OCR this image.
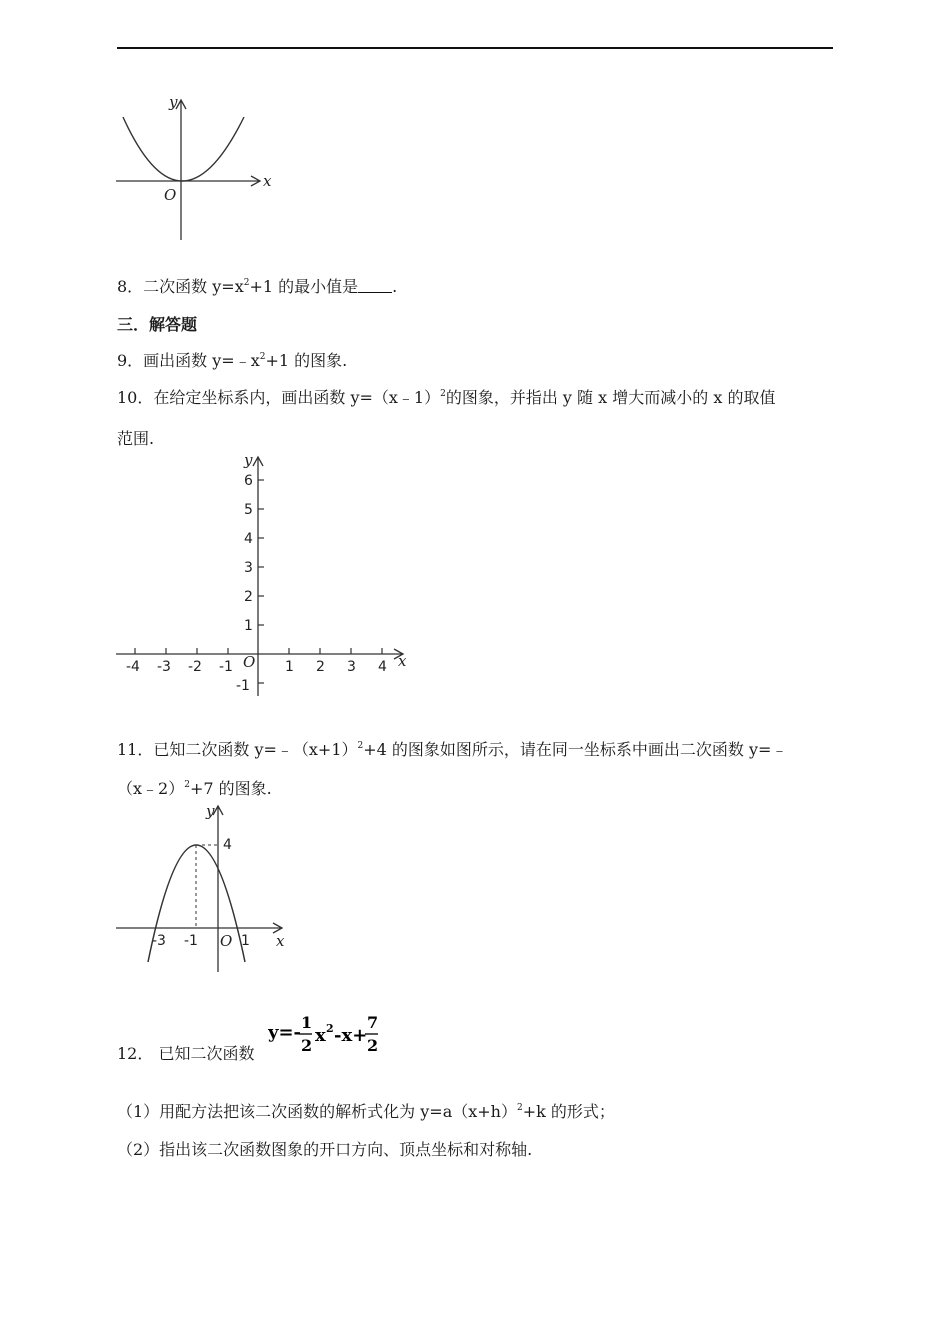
x
y
O
8．二次函数 $y=x^2+1$ 的最小值是 .
三．解答题
9．画出函数 $y=﹣x^2+1$ 的图象.
10．在给定坐标系内，画出函数 y=（x﹣1）$^2$的图象，并指出 y 随 x 增大而减小的 x 的取值
范围.
-4 -3 -2 -1	1 2 3 4
6
5
4
3
2
1
-1
x
y
O
11．已知二次函数 $y=﹣(x+1)^2+4$ 的图象如图所示，请在同一坐标系中画出二次函数 y=﹣
（x﹣2）$^2$+7 的图象.
-3 -1	1
4
x
y
O
12． 已知二次函数
y=- 1
2 x 2 -x+
7
2
（1）用配方法把该二次函数的解析式化为 $y=a(x+h)^2+k$ 的形式；
（2）指出该二次函数图象的开口方向、顶点坐标和对称轴.
